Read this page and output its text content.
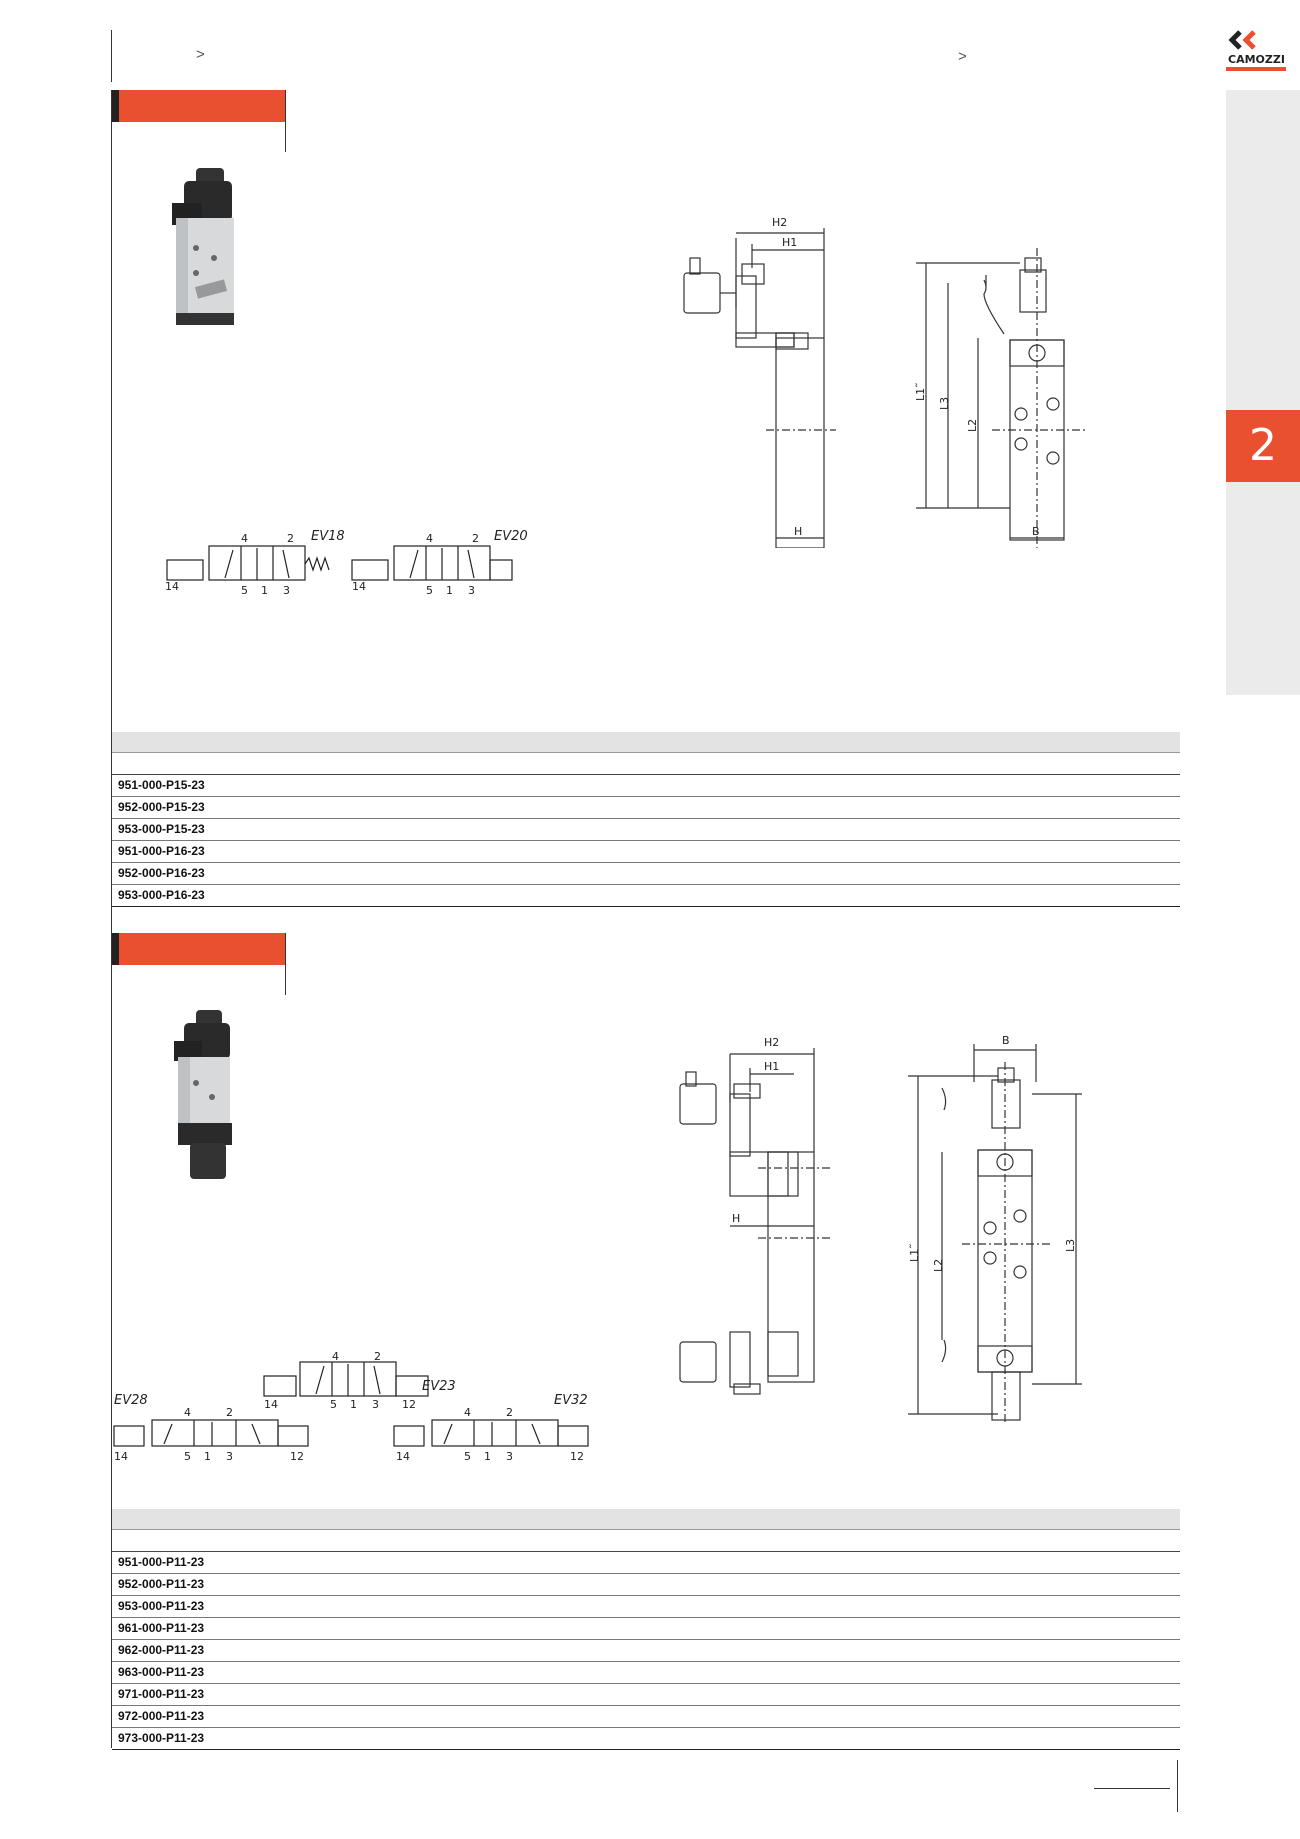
>	>	CAMOZZI
2
H2
H1
H
L1˜
L3
L2
B
14
4	2
5 1 3
EV18
14
4	2
5 1 3
EV20
951-000-P15-23
952-000-P15-23
953-000-P15-23
951-000-P16-23
952-000-P16-23
953-000-P16-23
H2
H1
H
B
L1˜
L2
L3
14
4	2
5 1 3 12
EV23
EV28
14
4	2
5 1 3	12
EV32
14
4	2
5 1 3	12
951-000-P11-23
952-000-P11-23
953-000-P11-23
961-000-P11-23
962-000-P11-23
963-000-P11-23
971-000-P11-23
972-000-P11-23
973-000-P11-23
